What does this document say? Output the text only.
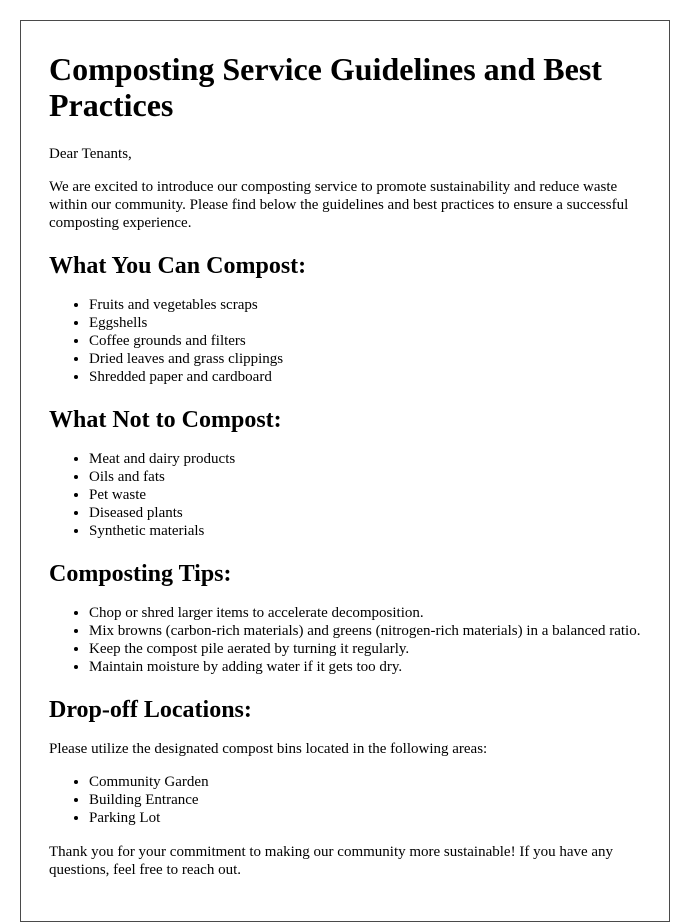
Composting Service Guidelines and Best Practices

Dear Tenants,

We are excited to introduce our composting service to promote sustainability and reduce waste within our community. Please find below the guidelines and best practices to ensure a successful composting experience.

What You Can Compost:
• Fruits and vegetables scraps
• Eggshells
• Coffee grounds and filters
• Dried leaves and grass clippings
• Shredded paper and cardboard
What Not to Compost:
• Meat and dairy products
• Oils and fats
• Pet waste
• Diseased plants
• Synthetic materials
Composting Tips:
• Chop or shred larger items to accelerate decomposition.
• Mix browns (carbon-rich materials) and greens (nitrogen-rich materials) in a balanced ratio.
• Keep the compost pile aerated by turning it regularly.
• Maintain moisture by adding water if it gets too dry.
Drop-off Locations:

Please utilize the designated compost bins located in the following areas:

• Community Garden
• Building Entrance
• Parking Lot

Thank you for your commitment to making our community more sustainable! If you have any questions, feel free to reach out.
